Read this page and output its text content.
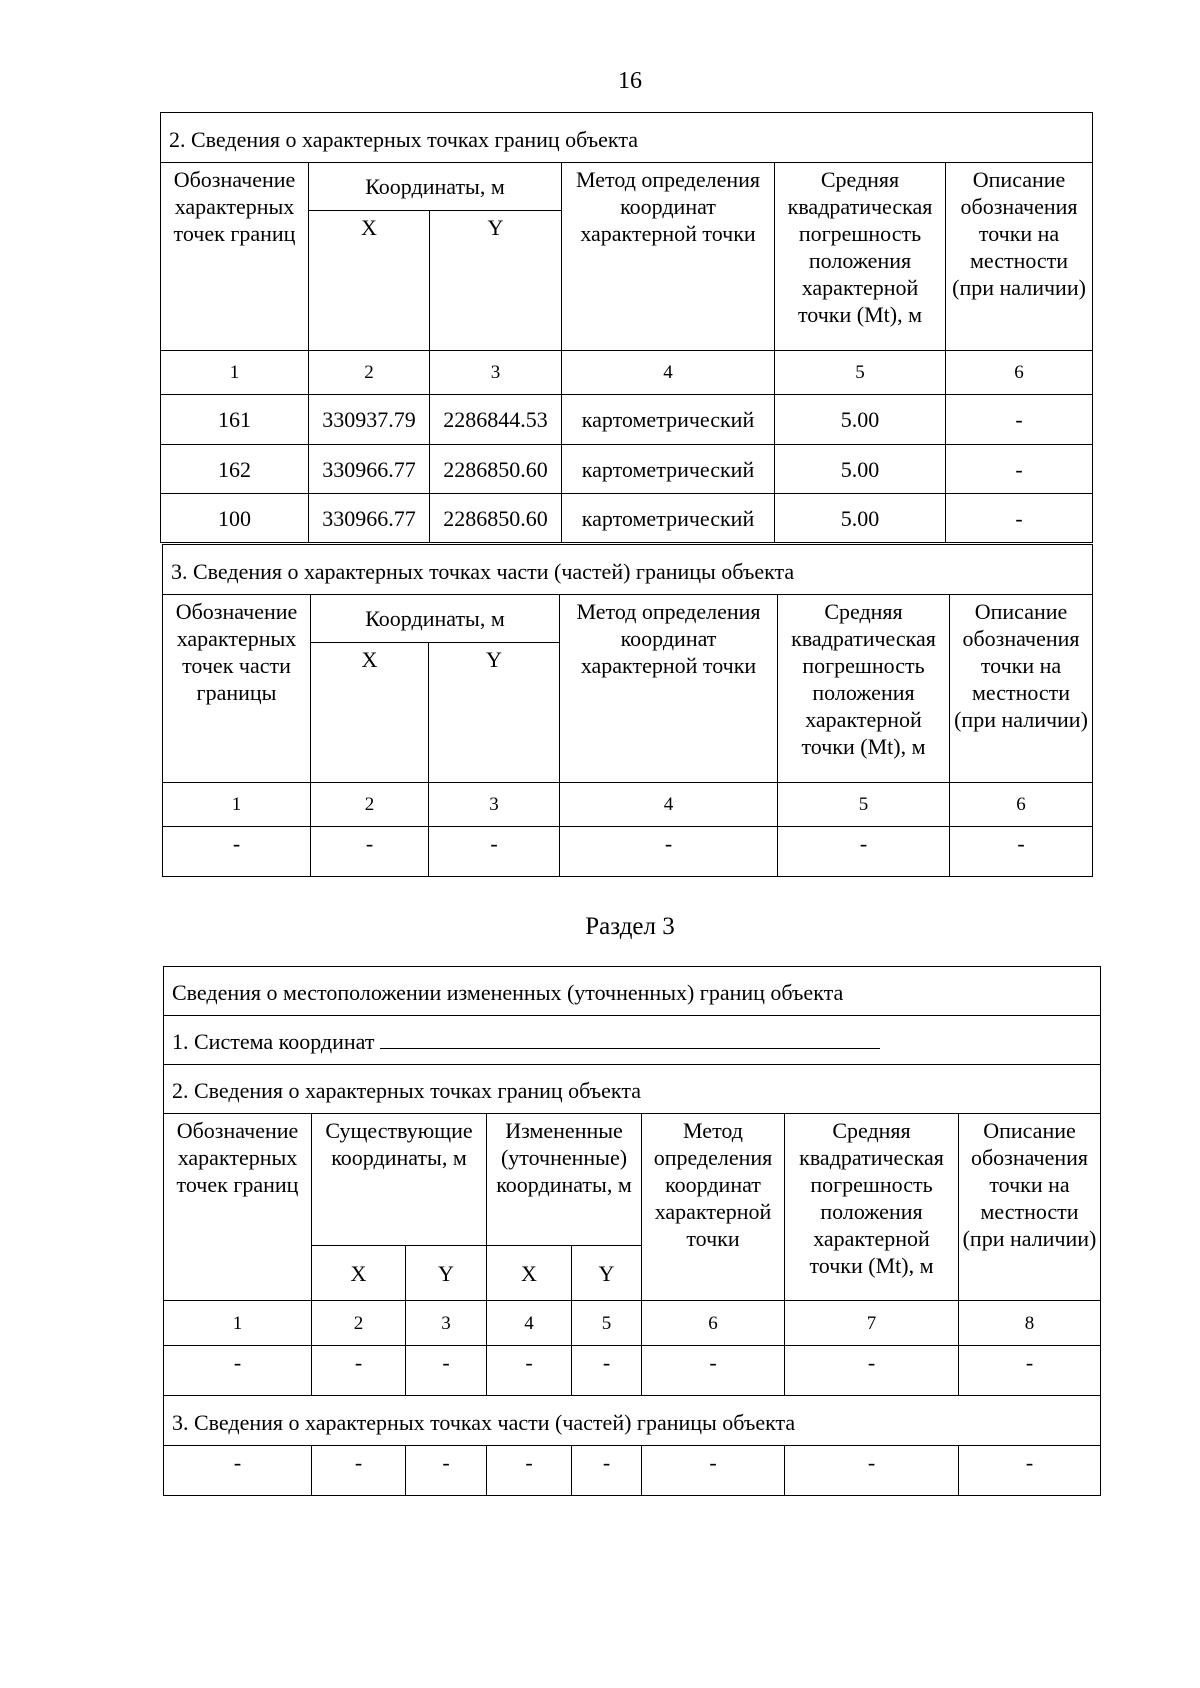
16
2. Сведения о характерных точках границ объекта					
Обозначение характерных точек границ	Координаты, м		Метод определения координат характерной точки	Средняя квадратическая погрешность положения характерной точки (Mt), м	Описание обозначения точки на местности (при наличии)
	X	Y			
1	2	3	4	5	6
161	330937.79	2286844.53	картометрический	5.00	-
162	330966.77	2286850.60	картометрический	5.00	-
100	330966.77	2286850.60	картометрический	5.00	-
3. Сведения о характерных точках части (частей) границы объекта					
Обозначение характерных точек части границы	Координаты, м		Метод определения координат характерной точки	Средняя квадратическая погрешность положения характерной точки (Mt), м	Описание обозначения точки на местности (при наличии)
	X	Y			
1	2	3	4	5	6
-	-	-	-	-	-
Раздел 3
Сведения о местоположении измененных (уточненных) границ объекта							
1. Система координат							
2. Сведения о характерных точках границ объекта							
Обозначение характерных точек границ	Существующие координаты, м		Измененные (уточненные) координаты, м		Метод определения координат характерной точки	Средняя квадратическая погрешность положения характерной точки (Mt), м	Описание обозначения точки на местности (при наличии)
	X	Y	X	Y			
1	2	3	4	5	6	7	8
-	-	-	-	-	-	-	-
3. Сведения о характерных точках части (частей) границы объекта							
-	-	-	-	-	-	-	-
